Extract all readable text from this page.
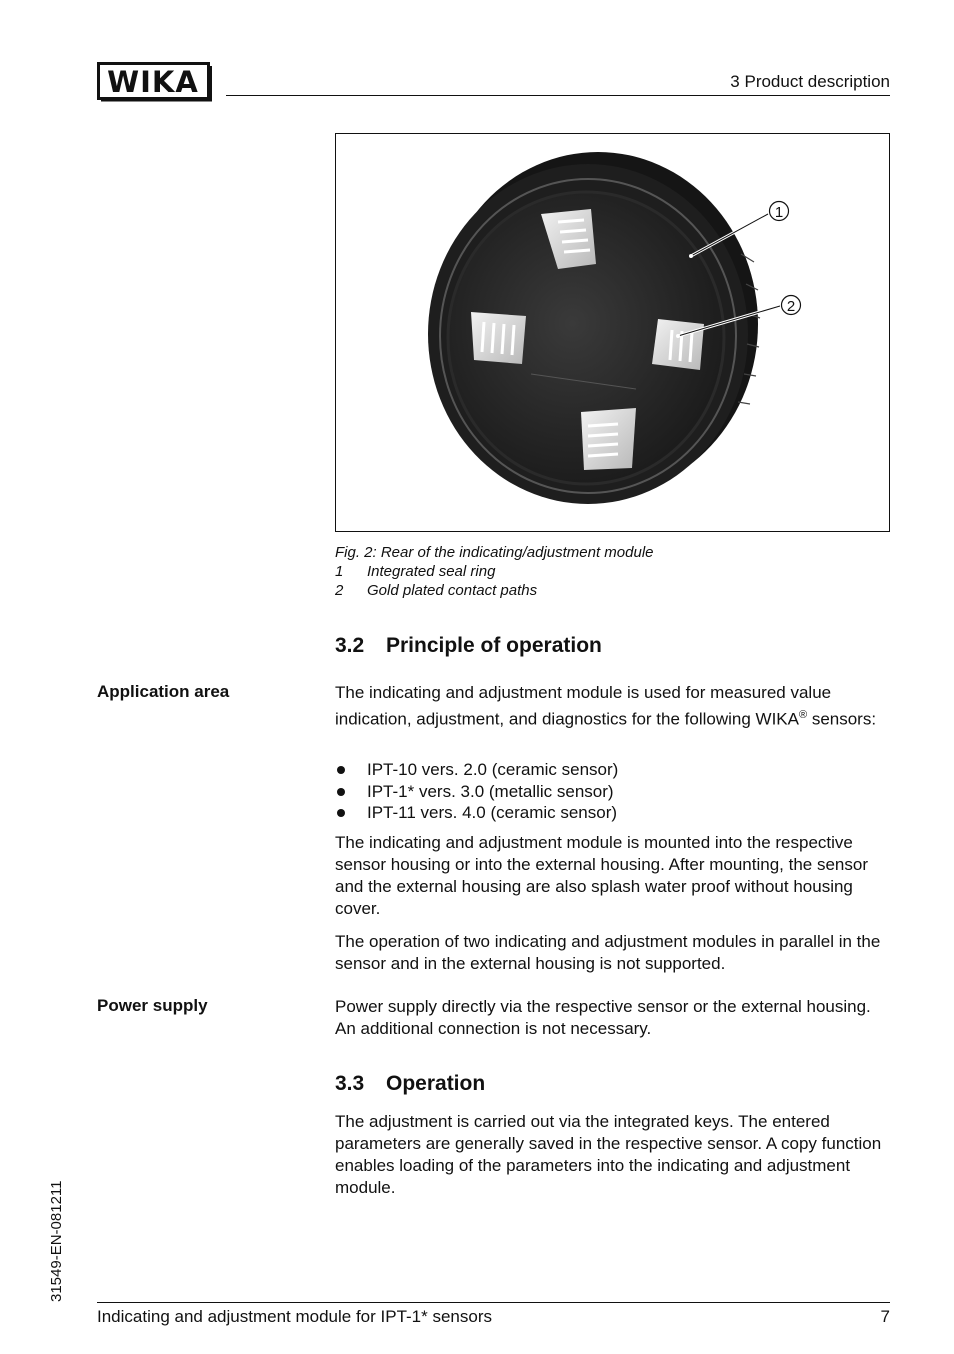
WIKA	3 Product description
1
2
Fig. 2: Rear of the indicating/adjustment module
1 Integrated seal ring
2 Gold plated contact paths
3.2 Principle of operation
Application area	The indicating and adjustment module is used for measured value indication, adjustment, and diagnostics for the following WIKA® sensors:
IPT-10 vers. 2.0 (ceramic sensor)
IPT-1* vers. 3.0 (metallic sensor)
IPT-11 vers. 4.0 (ceramic sensor)
The indicating and adjustment module is mounted into the respective sensor housing or into the external housing. After mounting, the sensor and the external housing are also splash water proof without housing cover.
The operation of two indicating and adjustment modules in parallel in the sensor and in the external housing is not supported.
Power supply	Power supply directly via the respective sensor or the external housing. An additional connection is not necessary.
3.3 Operation
The adjustment is carried out via the integrated keys. The entered parameters are generally saved in the respective sensor. A copy function enables loading of the parameters into the indicating and adjustment module.
31549-EN-081211
Indicating and adjustment module for IPT-1* sensors	7
